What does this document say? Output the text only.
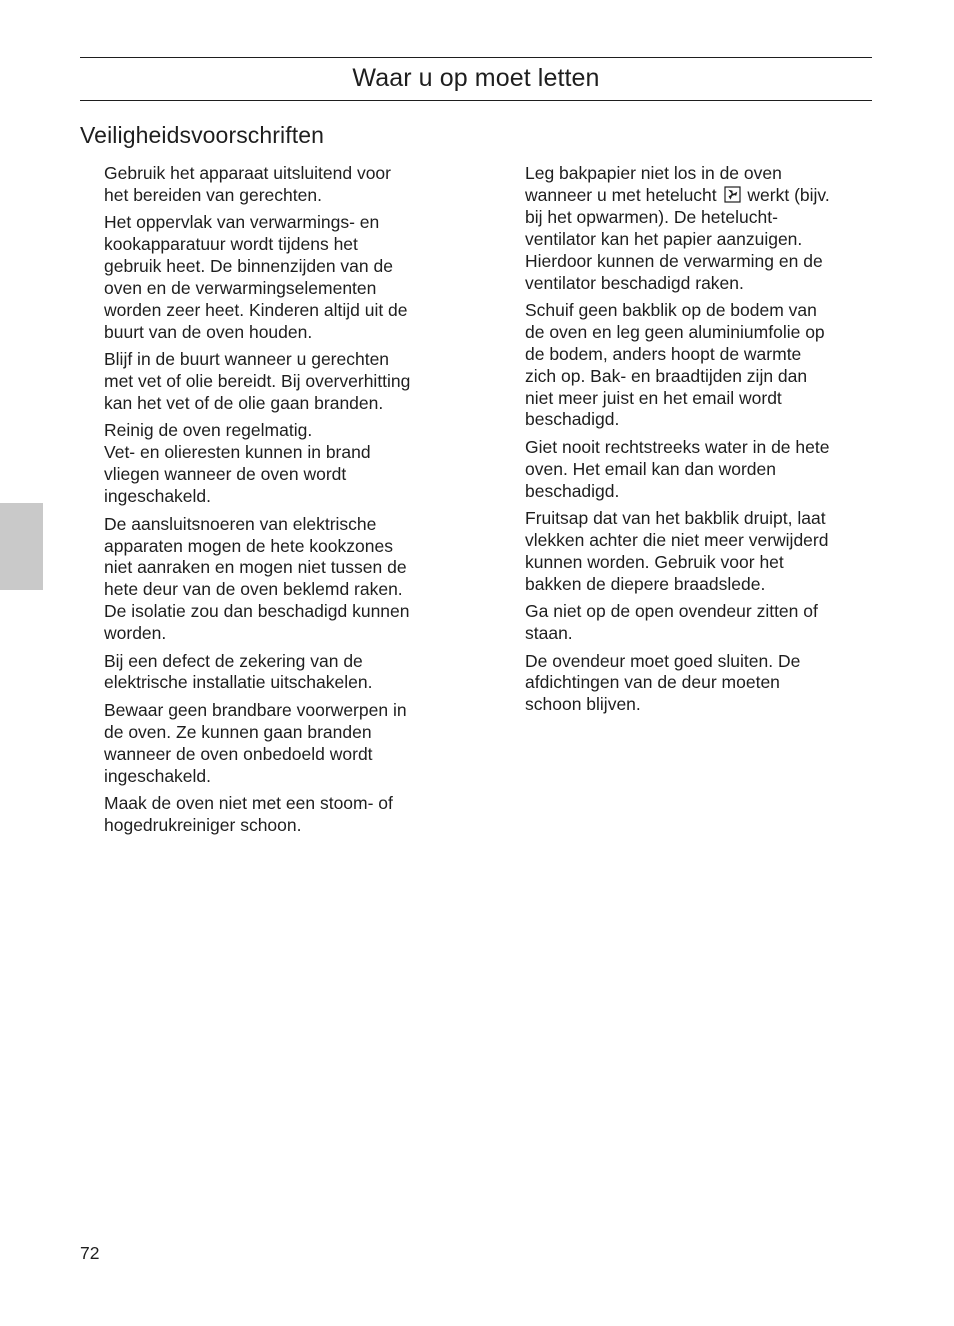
Waar u op moet letten
Veiligheidsvoorschriften

Gebruik het apparaat uitsluitend voor
het bereiden van gerechten.

Het oppervlak van verwarmings- en
kookapparatuur wordt tijdens het
gebruik heet. De binnenzijden van de
oven en de verwarmingselementen
worden zeer heet. Kinderen altijd uit de
buurt van de oven houden.

Blijf in de buurt wanneer u gerechten
met vet of olie bereidt. Bij oververhitting
kan het vet of de olie gaan branden.

Reinig de oven regelmatig.
Vet- en olieresten kunnen in brand
vliegen wanneer de oven wordt
ingeschakeld.

De aansluitsnoeren van elektrische
apparaten mogen de hete kookzones
niet aanraken en mogen niet tussen de
hete deur van de oven beklemd raken.
De isolatie zou dan beschadigd kunnen
worden.

Bij een defect de zekering van de
elektrische installatie uitschakelen.

Bewaar geen brandbare voorwerpen in
de oven. Ze kunnen gaan branden
wanneer de oven onbedoeld wordt
ingeschakeld.

Maak de oven niet met een stoom- of
hogedrukreiniger schoon.

Leg bakpapier niet los in de oven
wanneer u met hetelucht werkt (bijv.
bij het opwarmen). De hetelucht-
ventilator kan het papier aanzuigen.
Hierdoor kunnen de verwarming en de
ventilator beschadigd raken.

Schuif geen bakblik op de bodem van
de oven en leg geen aluminiumfolie op
de bodem, anders hoopt de warmte
zich op. Bak- en braadtijden zijn dan
niet meer juist en het email wordt
beschadigd.

Giet nooit rechtstreeks water in de hete
oven. Het email kan dan worden
beschadigd.

Fruitsap dat van het bakblik druipt, laat
vlekken achter die niet meer verwijderd
kunnen worden. Gebruik voor het
bakken de diepere braadslede.

Ga niet op de open ovendeur zitten of
staan.

De ovendeur moet goed sluiten. De
afdichtingen van de deur moeten
schoon blijven.

72
